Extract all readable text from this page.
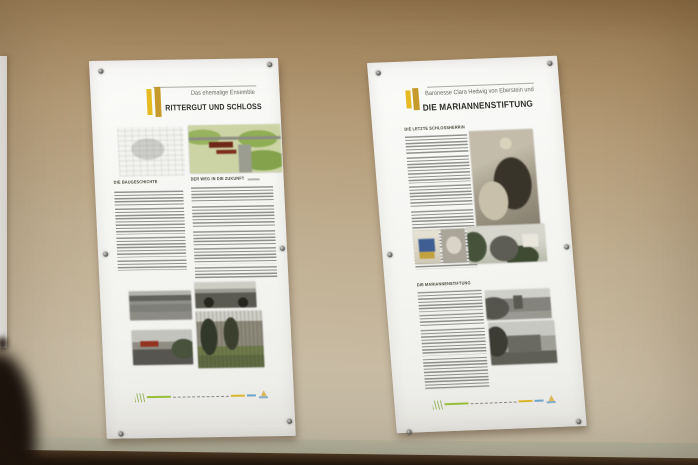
Das ehemalige Ensemble
RITTERGUT UND SCHLOSS
DIE BAUGESCHICHTE
DER WEG IN DIE ZUKUNFT
Baronesse Clara Hedwig von Eberstein und
DIE MARIANNENSTIFTUNG
DIE LETZTE SCHLOSSHERRIN
DIE MARIANNENSTIFTUNG
